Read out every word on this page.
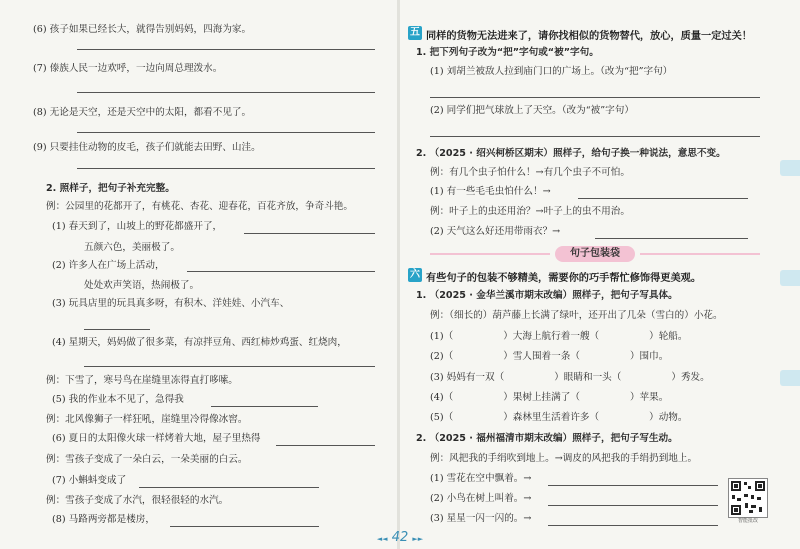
(6) 孩子如果已经长大，就得告别妈妈，四海为家。
(7) 傣族人民一边欢呼，一边向周总理泼水。
(8) 无论是天空，还是天空中的太阳，都看不见了。
(9) 只要挂住动物的皮毛，孩子们就能去田野、山洼。
2. 照样子，把句子补充完整。
例：公园里的花都开了，有桃花、杏花、迎春花，百花齐放，争奇斗艳。
(1) 春天到了，山坡上的野花都盛开了，
五颜六色，美丽极了。
(2) 许多人在广场上活动，
处处欢声笑语，热闹极了。
(3) 玩具店里的玩具真多呀，有积木、洋娃娃、小汽车、
(4) 星期天，妈妈做了很多菜，有凉拌豆角、西红柿炒鸡蛋、红烧肉，
例：下雪了，寒号鸟在崖缝里冻得直打哆嗦。
(5) 我的作业本不见了，急得我
例：北风像狮子一样狂吼，崖缝里冷得像冰窖。
(6) 夏日的太阳像火球一样烤着大地，屋子里热得
例：雪孩子变成了一朵白云，一朵美丽的白云。
(7) 小蝌蚪变成了
例：雪孩子变成了水汽，很轻很轻的水汽。
(8) 马路两旁都是楼房，
五 同样的货物无法进来了，请你找相似的货物替代，放心，质量一定过关！
1. 把下列句子改为“把”字句或“被”字句。
(1) 刘胡兰被敌人拉到庙门口的广场上。（改为“把”字句）
(2) 同学们把气球放上了天空。（改为“被”字句）
2. （2025 · 绍兴柯桥区期末）照样子，给句子换一种说法，意思不变。
例：有几个虫子怕什么！→有几个虫子不可怕。
(1) 有一些毛毛虫怕什么！→
例：叶子上的虫还用治？→叶子上的虫不用治。
(2) 天气这么好还用带雨衣？→
句子包装袋
六 有些句子的包装不够精美，需要你的巧手帮忙修饰得更美观。
1. （2025 · 金华兰溪市期末改编）照样子，把句子写具体。
例：（细长的）葫芦藤上长满了绿叶，还开出了几朵（雪白的）小花。
(1)（	）大海上航行着一艘（	）轮船。
(2)（	）雪人围着一条（	）围巾。
(3) 妈妈有一双（	）眼睛和一头（	）秀发。
(4)（	）果树上挂满了（	）苹果。
(5)（	）森林里生活着许多（	）动物。
2. （2025 · 福州福清市期末改编）照样子，把句子写生动。
例：风把我的手绢吹到地上。→调皮的风把我的手绢扔到地上。
(1) 雪花在空中飘着。→
(2) 小鸟在树上叫着。→
(3) 星星一闪一闪的。→	智能批改
◄◄ 42 ►►
